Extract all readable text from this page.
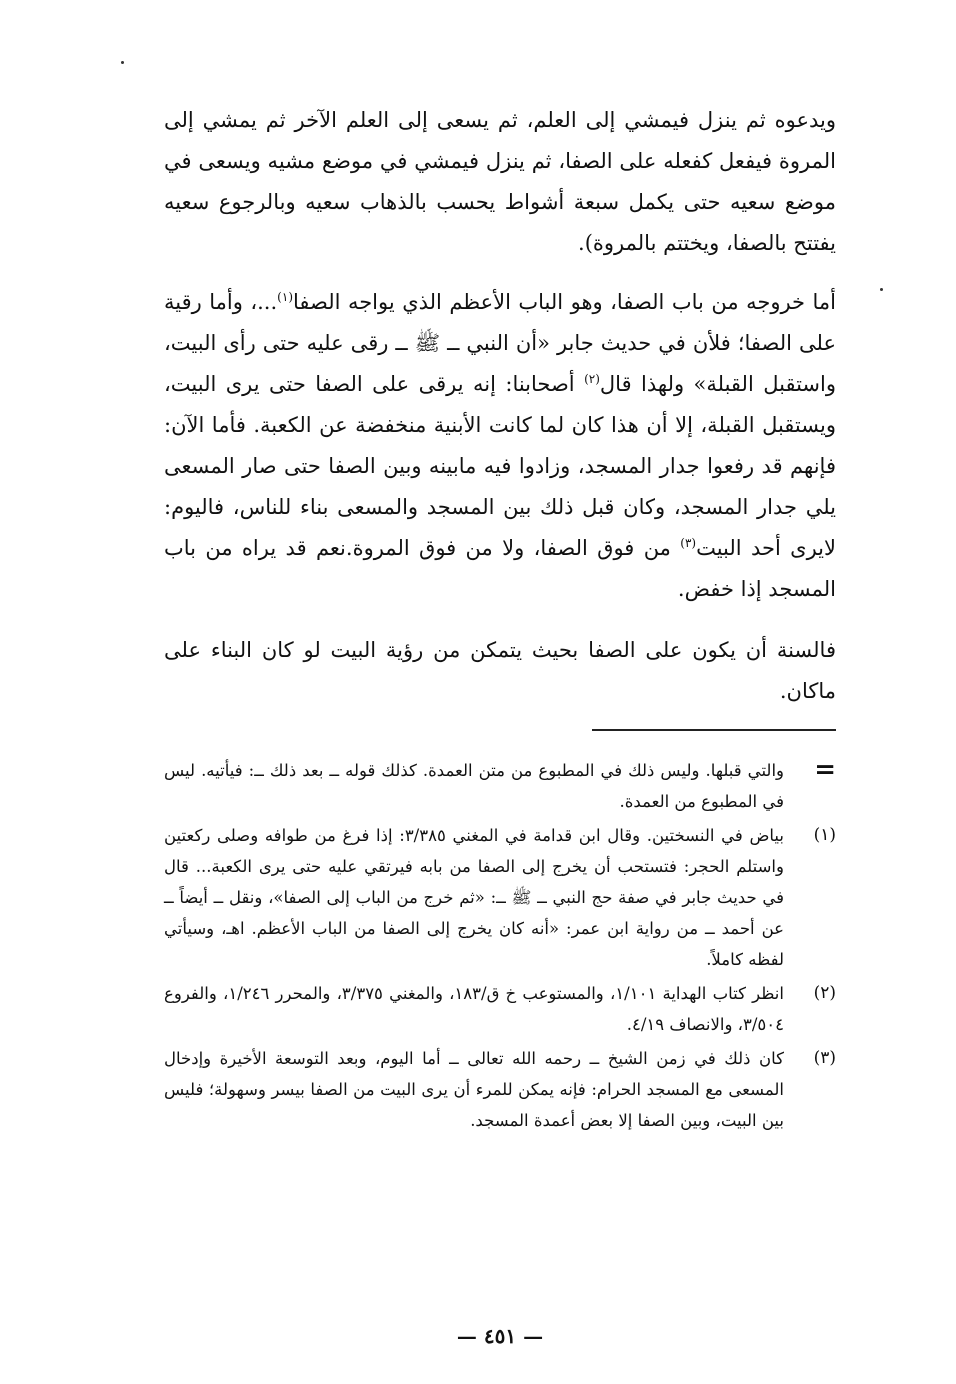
ويدعوه ثم ينزل فيمشي إلى العلم، ثم يسعى إلى العلم الآخر ثم يمشي إلى المروة فيفعل كفعله على الصفا، ثم ينزل فيمشي في موضع مشيه ويسعى في موضع سعيه حتى يكمل سبعة أشواط يحسب بالذهاب سعيه وبالرجوع سعيه يفتتح بالصفا، ويختتم بالمروة).

أما خروجه من باب الصفا، وهو الباب الأعظم الذي يواجه الصفا$^{(١)}$...، وأما رقية على الصفا؛ فلأن في حديث جابر «أن النبي ــ ﷺ ــ رقى عليه حتى رأى البيت، واستقبل القبلة» ولهذا قال$^{(٢)}$ أصحابنا: إنه يرقى على الصفا حتى يرى البيت، ويستقبل القبلة، إلا أن هذا كان لما كانت الأبنية منخفضة عن الكعبة. فأما الآن: فإنهم قد رفعوا جدار المسجد، وزادوا فيه مابينه وبين الصفا حتى صار المسعى يلي جدار المسجد، وكان قبل ذلك بين المسجد والمسعى بناء للناس، فاليوم: لايرى أحد البيت$^{(٣)}$ من فوق الصفا، ولا من فوق المروة.نعم قد يراه من باب المسجد إذا خفض.

فالسنة أن يكون على الصفا بحيث يتمكن من رؤية البيت لو كان البناء على ماكان.

=
والتي قبلها. وليس ذلك في المطبوع من متن العمدة. كذلك قوله ــ بعد ذلك ــ: فيأتيه. ليس في المطبوع من العمدة.
(١)
بياض في النسختين. وقال ابن قدامة في المغني ٣/٣٨٥: إذا فرغ من طوافه وصلى ركعتين واستلم الحجر: فتستحب أن يخرج إلى الصفا من بابه فيرتقي عليه حتى يرى الكعبة... قال في حديث جابر في صفة حج النبي ــ ﷺ ــ: «ثم خرج من الباب إلى الصفا»، ونقل ــ أيضاً ــ عن أحمد ــ من رواية ابن عمر: «أنه كان يخرج إلى الصفا من الباب الأعظم. اهـ، وسيأتي لفظه كاملاً.
(٢)
انظر كتاب الهداية ١/١٠١، والمستوعب خ ق/١٨٣، والمغني ٣/٣٧٥، والمحرر ١/٢٤٦، والفروع ٣/٥٠٤، والانصاف ٤/١٩.
(٣)
كان ذلك في زمن الشيخ ــ رحمه الله تعالى ــ أما اليوم، وبعد التوسعة الأخيرة وإدخال المسعى مع المسجد الحرام: فإنه يمكن للمرء أن يرى البيت من الصفا بيسر وسهولة؛ فليس بين البيت، وبين الصفا إلا بعض أعمدة المسجد.
— ٤٥١ —
